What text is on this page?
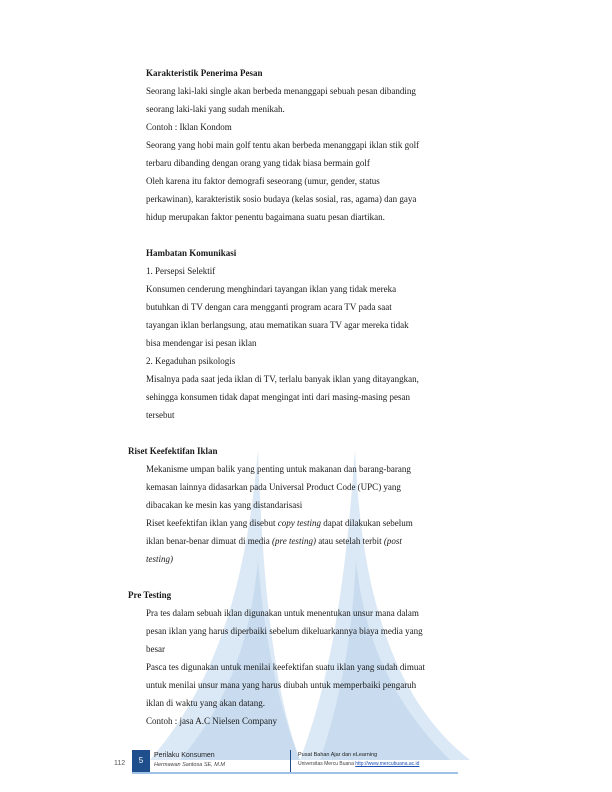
Riset keefektifan iklan yang disebut copy testing dapat dilakukan sebelum
iklan benar-benar dimuat di media (pre testing) atau setelah terbit (post
Karakteristik Penerima Pesan
Seorang laki-laki single akan berbeda menanggapi sebuah pesan dibanding
seorang laki-laki yang sudah menikah.
Contoh : Iklan Kondom
Seorang yang hobi main golf tentu akan berbeda menanggapi iklan stik golf
terbaru dibanding dengan orang yang tidak biasa bermain golf
Oleh karena itu faktor demografi seseorang (umur, gender, status
perkawinan), karakteristik sosio budaya (kelas sosial, ras, agama) dan gaya
hidup merupakan faktor penentu bagaimana suatu pesan diartikan.
Hambatan Komunikasi
1. Persepsi Selektif
Konsumen cenderung menghindari tayangan iklan yang tidak mereka
butuhkan di TV dengan cara mengganti program acara TV pada saat
tayangan iklan berlangsung, atau mematikan suara TV agar mereka tidak
bisa mendengar isi pesan iklan
2. Kegaduhan psikologis
Misalnya pada saat jeda iklan di TV, terlalu banyak iklan yang ditayangkan,
sehingga konsumen tidak dapat mengingat inti dari masing-masing pesan
tersebut
Riset Keefektifan Iklan
Mekanisme umpan balik yang penting untuk makanan dan barang-barang
kemasan lainnya didasarkan pada Universal Product Code (UPC) yang
dibacakan ke mesin kas yang distandarisasi
testing)
Pre Testing
Pra tes dalam sebuah iklan digunakan untuk menentukan unsur mana dalam
pesan iklan yang harus diperbaiki sebelum dikeluarkannya biaya media yang
besar
Pasca tes digunakan untuk menilai keefektifan suatu iklan yang sudah dimuat
untuk menilai unsur mana yang harus diubah untuk memperbaiki pengaruh
iklan di waktu yang akan datang.
Contoh : jasa A.C Nielsen Company
112	5
Perilaku Konsumen
Hermawan Santosa SE, M.M
Pusat Bahan Ajar dan eLearning
Universitas Mercu Buana http://www.mercubuana.ac.id
